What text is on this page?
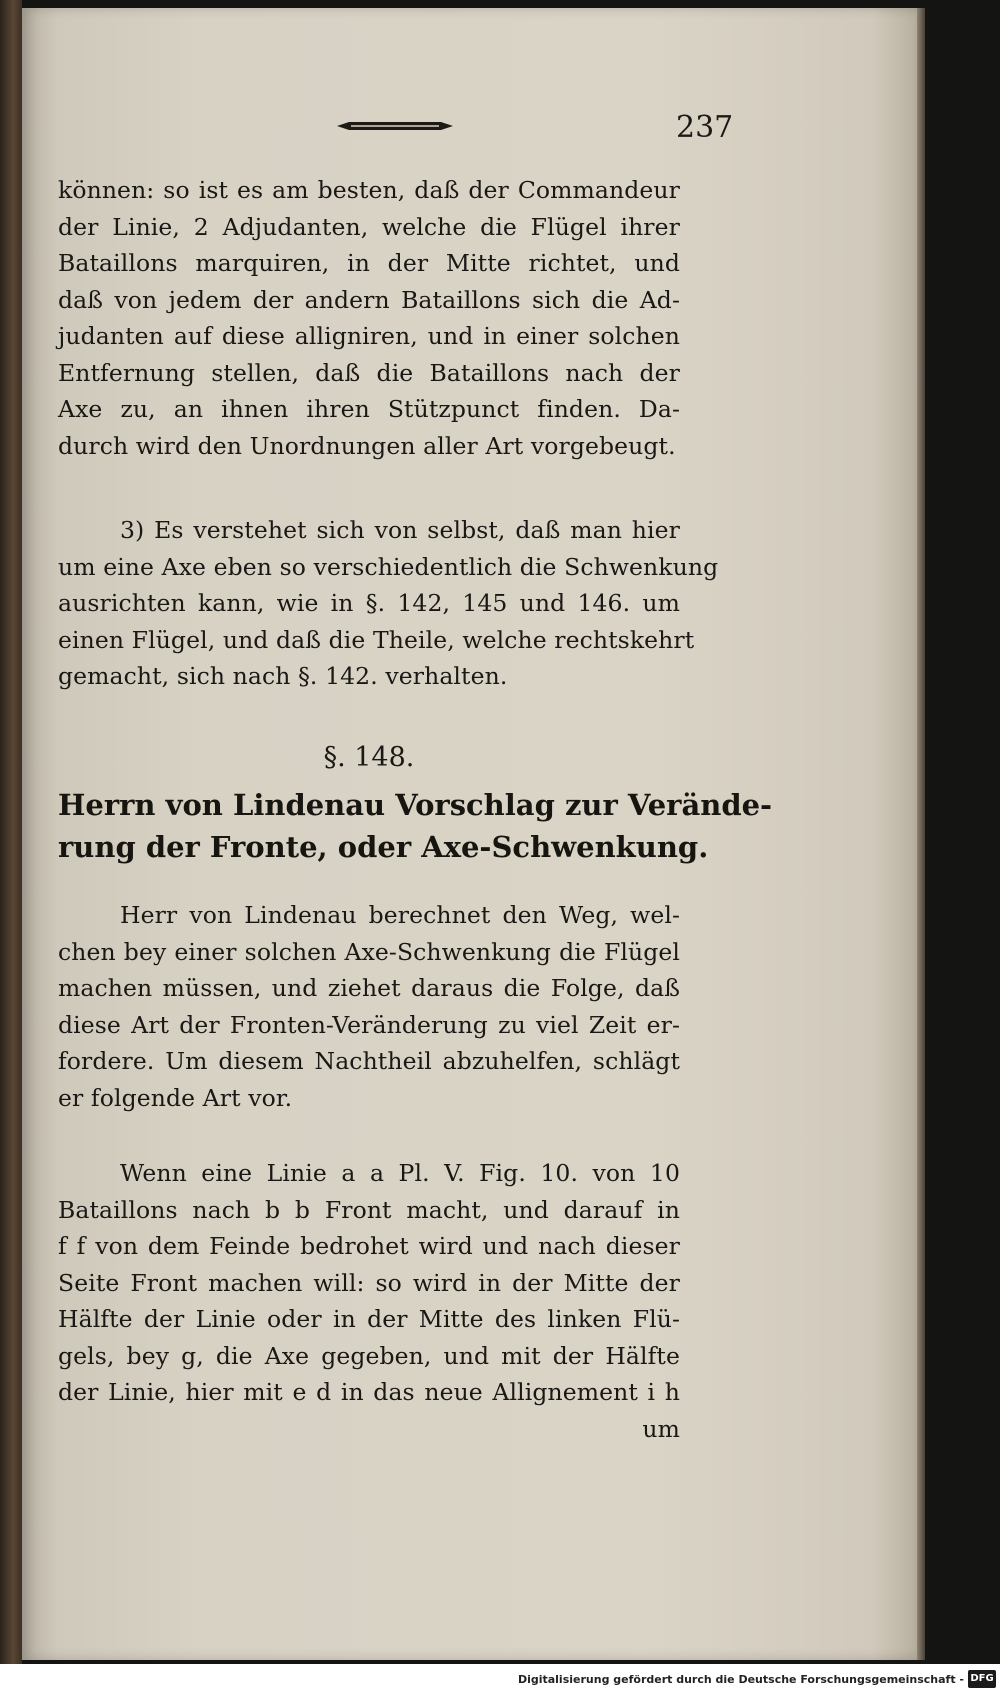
237
können: so ist es am besten, daß der Commandeur
der Linie, 2 Adjudanten, welche die Flügel ihrer
Bataillons marquiren, in der Mitte richtet, und
daß von jedem der andern Bataillons sich die Ad-
judanten auf diese alligniren, und in einer solchen
Entfernung stellen, daß die Bataillons nach der
Axe zu, an ihnen ihren Stützpunct finden. Da-
durch wird den Unordnungen aller Art vorgebeugt.
3) Es verstehet sich von selbst, daß man hier
um eine Axe eben so verschiedentlich die Schwenkung
ausrichten kann, wie in §. 142, 145 und 146. um
einen Flügel, und daß die Theile, welche rechtskehrt
gemacht, sich nach §. 142. verhalten.
§. 148.
Herrn von Lindenau Vorschlag zur Verände-
rung der Fronte, oder Axe-Schwenkung.
Herr von Lindenau berechnet den Weg, wel-
chen bey einer solchen Axe-Schwenkung die Flügel
machen müssen, und ziehet daraus die Folge, daß
diese Art der Fronten-Veränderung zu viel Zeit er-
fordere. Um diesem Nachtheil abzuhelfen, schlägt
er folgende Art vor.
Wenn eine Linie a a Pl. V. Fig. 10. von 10
Bataillons nach b b Front macht, und darauf in
f f von dem Feinde bedrohet wird und nach dieser
Seite Front machen will: so wird in der Mitte der
Hälfte der Linie oder in der Mitte des linken Flü-
gels, bey g, die Axe gegeben, und mit der Hälfte
der Linie, hier mit e d in das neue Allignement i h
um
Digitalisierung gefördert durch die Deutsche Forschungsgemeinschaft - DFG
